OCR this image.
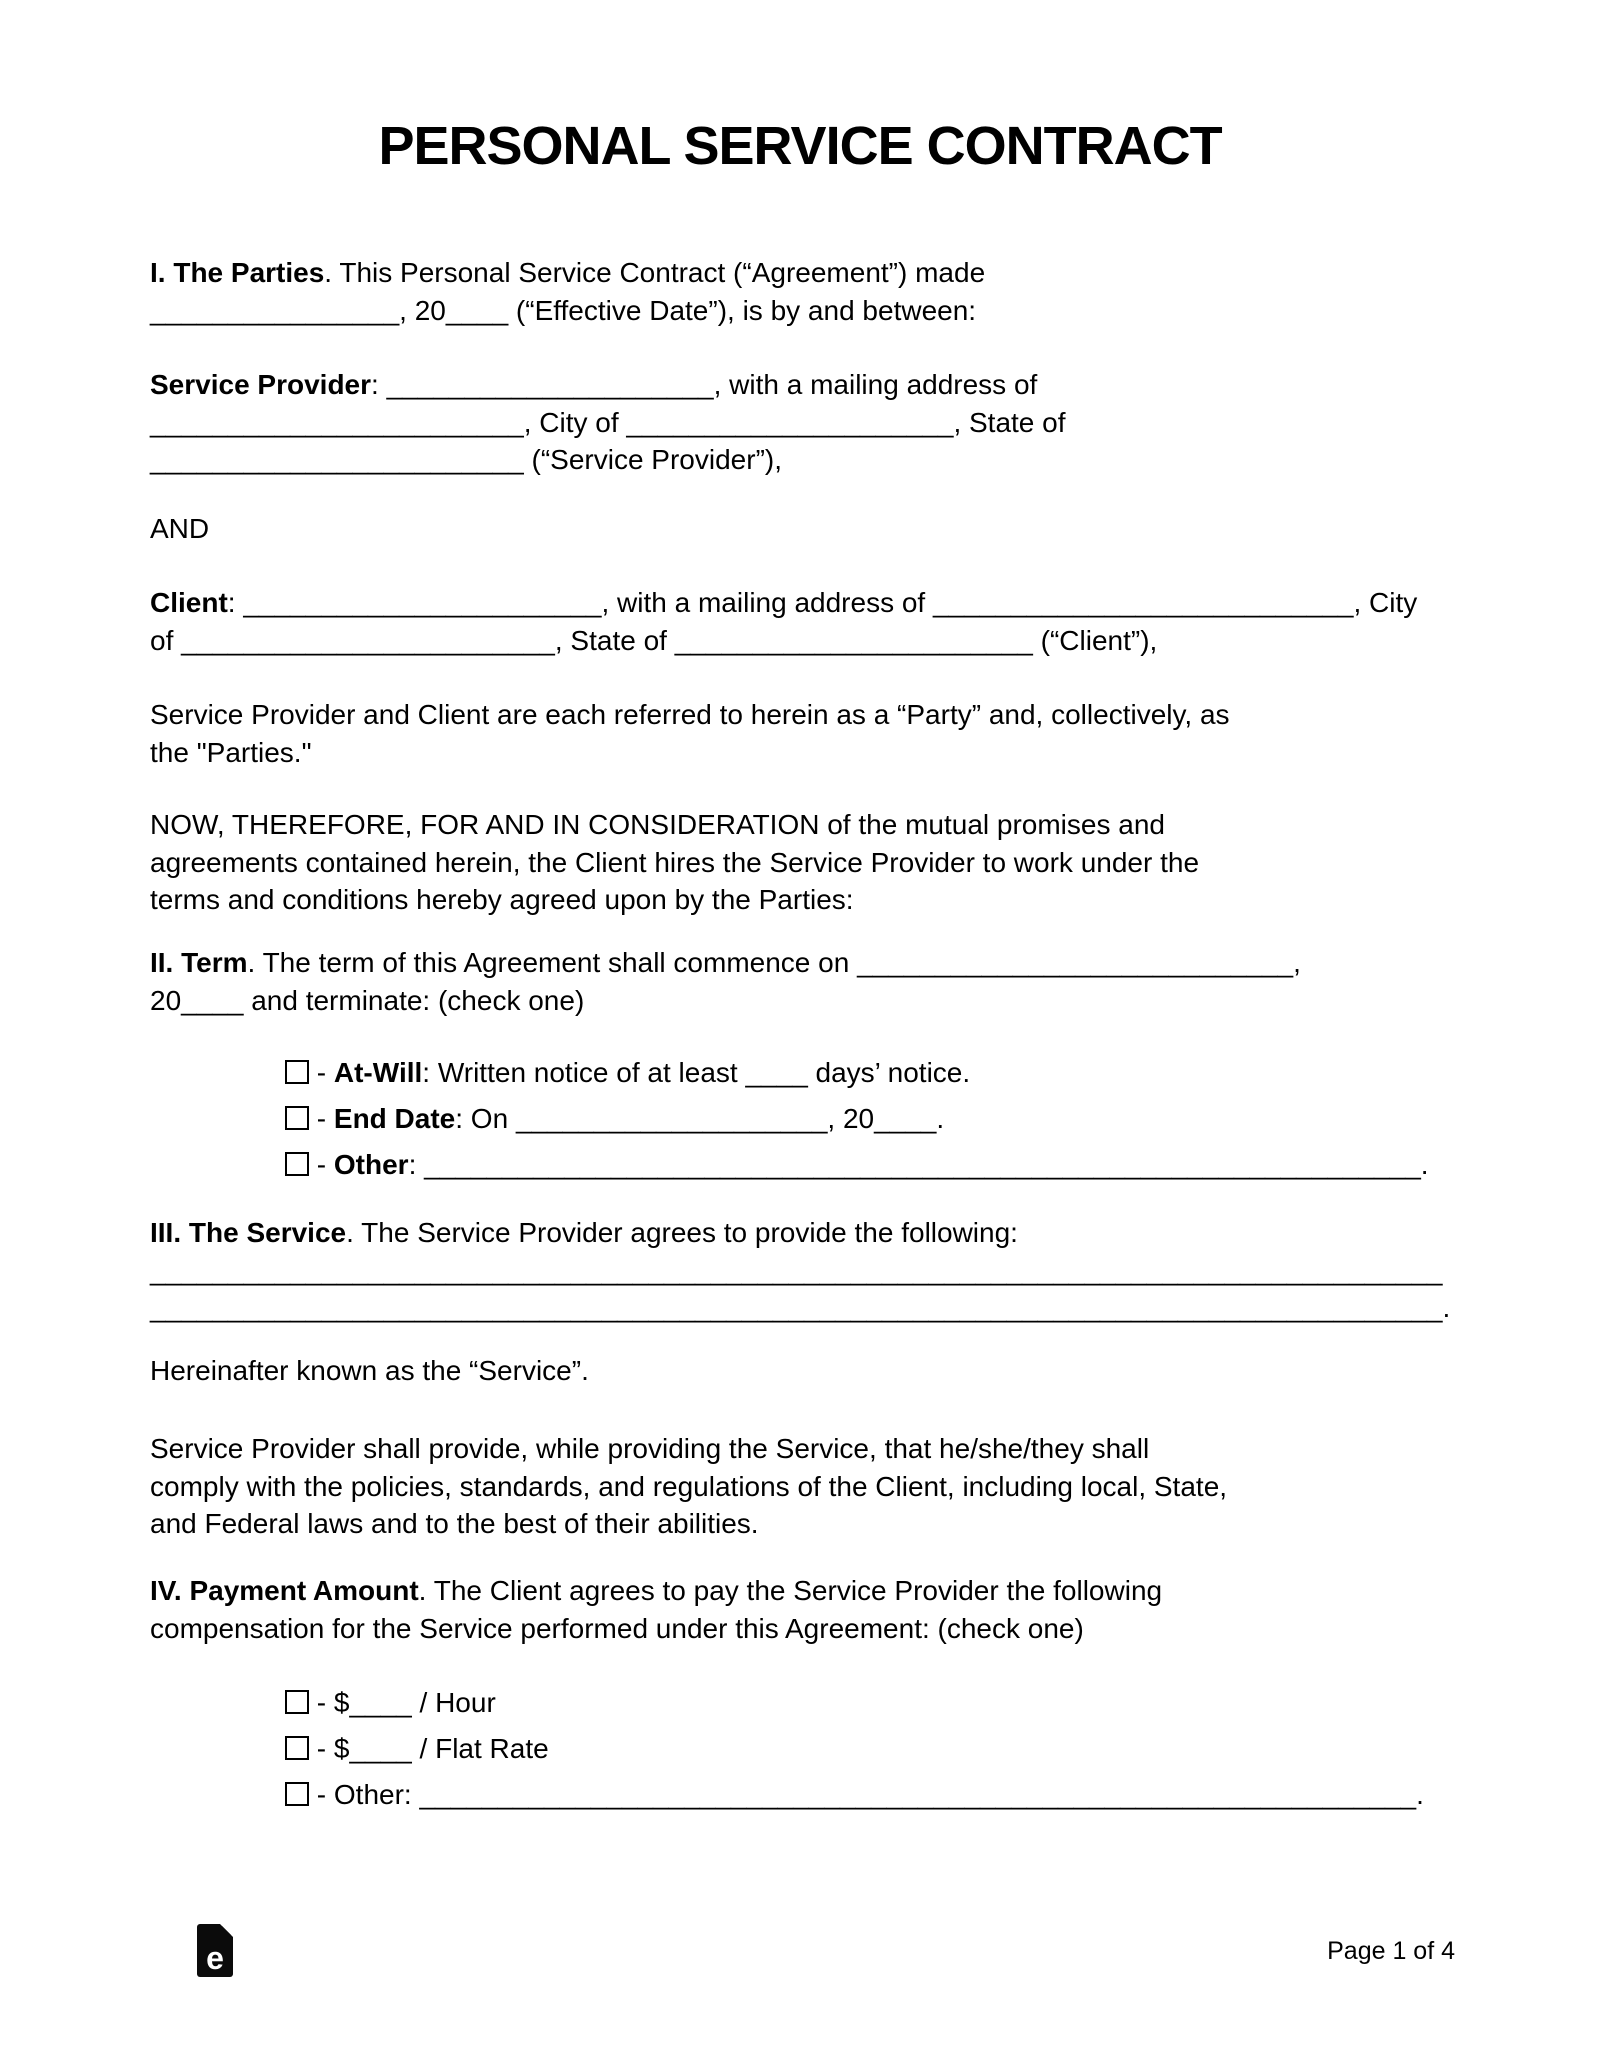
PERSONAL SERVICE CONTRACT
I. The Parties. This Personal Service Contract (“Agreement”) made
________________, 20____ (“Effective Date”), is by and between:
Service Provider: _____________________, with a mailing address of
________________________, City of _____________________, State of
________________________ (“Service Provider”),
AND
Client: _______________________, with a mailing address of ___________________________, City
of ________________________, State of _______________________ (“Client”),
Service Provider and Client are each referred to herein as a “Party” and, collectively, as
the "Parties."
NOW, THEREFORE, FOR AND IN CONSIDERATION of the mutual promises and
agreements contained herein, the Client hires the Service Provider to work under the
terms and conditions hereby agreed upon by the Parties:
II. Term. The term of this Agreement shall commence on ____________________________,
20____ and terminate: (check one)
- At-Will: Written notice of at least ____ days’ notice.
- End Date: On ____________________, 20____.
- Other: ________________________________________________________________.
III. The Service. The Service Provider agrees to provide the following:
___________________________________________________________________________________
___________________________________________________________________________________.
Hereinafter known as the “Service”.
Service Provider shall provide, while providing the Service, that he/she/they shall
comply with the policies, standards, and regulations of the Client, including local, State,
and Federal laws and to the best of their abilities.
IV. Payment Amount. The Client agrees to pay the Service Provider the following
compensation for the Service performed under this Agreement: (check one)
- $____ / Hour
- $____ / Flat Rate
- Other: ________________________________________________________________.
e	Page 1 of 4
